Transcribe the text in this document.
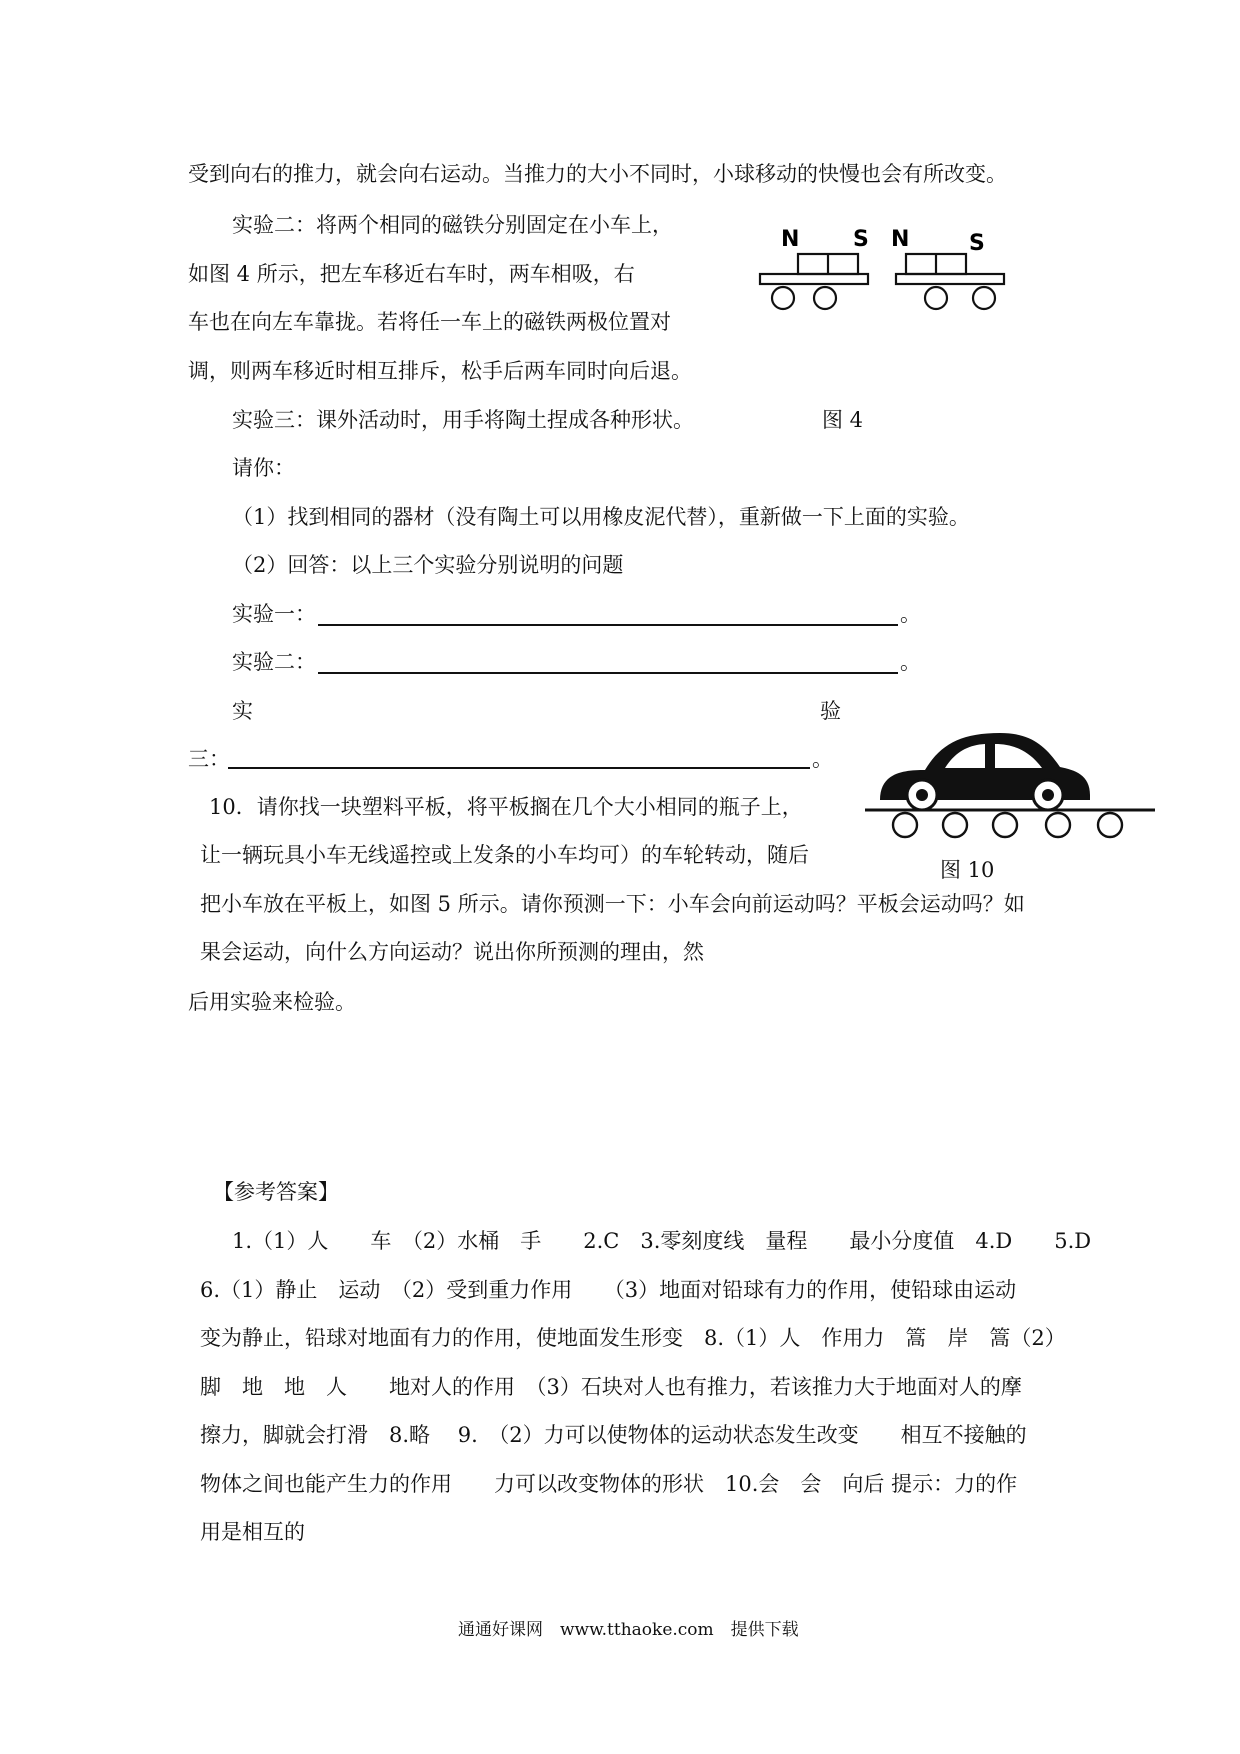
受到向右的推力，就会向右运动。当推力的大小不同时，小球移动的快慢也会有所改变。
实验二：将两个相同的磁铁分别固定在小车上，
如图 4 所示，把左车移近右车时，两车相吸，右
车也在向左车靠拢。若将任一车上的磁铁两极位置对
调，则两车移近时相互排斥，松手后两车同时向后退。
N S N	S
实验三：课外活动时，用手将陶土捏成各种形状。	图 4
请你：
（1）找到相同的器材（没有陶土可以用橡皮泥代替），重新做一下上面的实验。
（2）回答：以上三个实验分别说明的问题
实验一：	。
实验二：	。
实	验
三：	。
图 10
10．请你找一块塑料平板，将平板搁在几个大小相同的瓶子上，
让一辆玩具小车无线遥控或上发条的小车均可）的车轮转动，随后
把小车放在平板上，如图 5 所示。请你预测一下：小车会向前运动吗？平板会运动吗？如
果会运动，向什么方向运动？说出你所预测的理由，然
后用实验来检验。
【参考答案】
1.（1）人　　车　（2）水桶　手　　2.C　3.零刻度线　量程　　最小分度值　4.D　　5.D
6.（1）静止　运动　（2）受到重力作用　　（3）地面对铅球有力的作用，使铅球由运动
变为静止，铅球对地面有力的作用，使地面发生形变　8.（1）人　作用力　篙　岸　篙（2）
脚　地　地　人　　地对人的作用　（3）石块对人也有推力，若该推力大于地面对人的摩
擦力，脚就会打滑　8.略　 9.　（2）力可以使物体的运动状态发生改变　　相互不接触的
物体之间也能产生力的作用　　力可以改变物体的形状　10.会　会　向后 提示：力的作
用是相互的
通通好课网　www.tthaoke.com　提供下载
